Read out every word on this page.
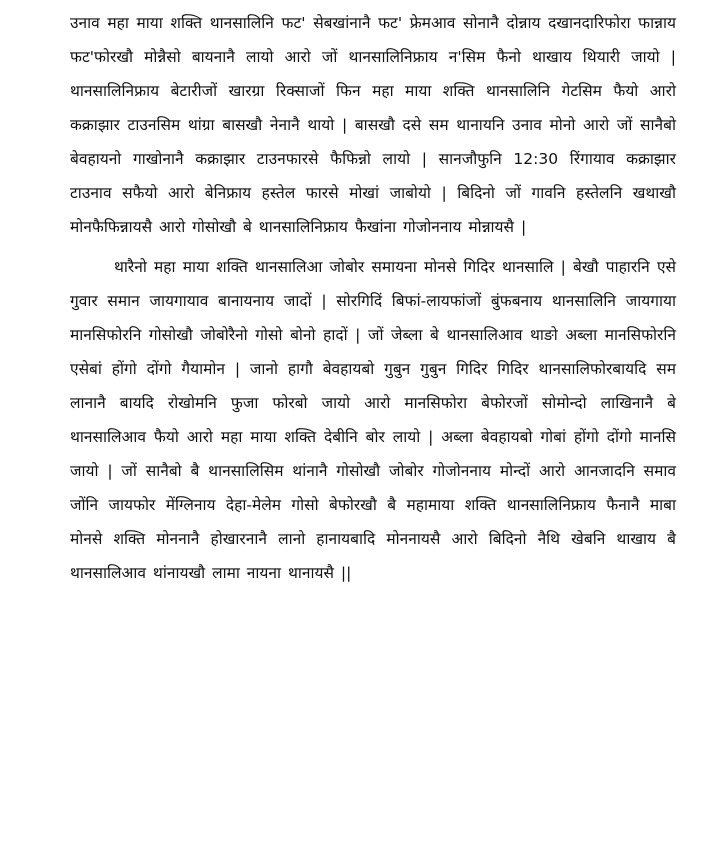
उनाव महा माया शक्ति थानसालिनि फट' सेबखांनानै फट' फ्रेमआव सोनानै दोन्नाय दखानदारिफोरा फान्नाय फट'फोरखौ मोन्नैसो बायनानै लायो आरो जों थानसालिनिफ्राय न'सिम फैनो थाखाय थियारी जायो | थानसालिनिफ्राय बेटारीजों खारग्रा रिक्साजों फिन महा माया शक्ति थानसालिनि गेटसिम फैयो आरो कक्राझार टाउनसिम थांग्रा बासखौ नेनानै थायो | बासखौ दसे सम थानायनि उनाव मोनो आरो जों सानैबो बेवहायनो गाखोनानै कक्राझार टाउनफारसे फैफिन्नो लायो | सानजौफुनि 12:30 रिंगायाव कक्राझार टाउनाव सफैयो आरो बेनिफ्राय हस्तेल फारसे मोखां जाबोयो | बिदिनो जों गावनि हस्तेलनि खथाखौ मोनफैफिन्नायसै आरो गोसोखौ बे थानसालिनिफ्राय फैखांना गोजोननाय मोन्नायसै |

थारैनो महा माया शक्ति थानसालिआ जोबोर समायना मोनसे गिदिर थानसालि | बेखौ पाहारनि एसे गुवार समान जायगायाव बानायनाय जादों | सोरगिदिं बिफां-लायफांजों बुंफबनाय थानसालिनि जायगाया मानसिफोरनि गोसोखौ जोबोरैनो गोसो बोनो हादों | जों जेब्ला बे थानसालिआव थाङो अब्ला मानसिफोरनि एसेबां होंगो दोंगो गैयामोन | जानो हागौ बेवहायबो गुबुन गुबुन गिदिर गिदिर थानसालिफोरबायदि सम लानानै बायदि रोखोमनि फुजा फोरबो जायो आरो मानसिफोरा बेफोरजों सोमोन्दो लाखिनानै बे थानसालिआव फैयो आरो महा माया शक्ति देबीनि बोर लायो | अब्ला बेवहायबो गोबां होंगो दोंगो मानसि जायो | जों सानैबो बै थानसालिसिम थांनानै गोसोखौ जोबोर गोजोननाय मोन्दों आरो आनजादनि समाव जोंनि जायफोर मेंग्लिनाय देहा-मेलेम गोसो बेफोरखौ बै महामाया शक्ति थानसालिनिफ्राय फैनानै माबा मोनसे शक्ति मोननानै होखारनानै लानो हानायबादि मोननायसै आरो बिदिनो नैथि खेबनि थाखाय बै थानसालिआव थांनायखौ लामा नायना थानायसै ||
